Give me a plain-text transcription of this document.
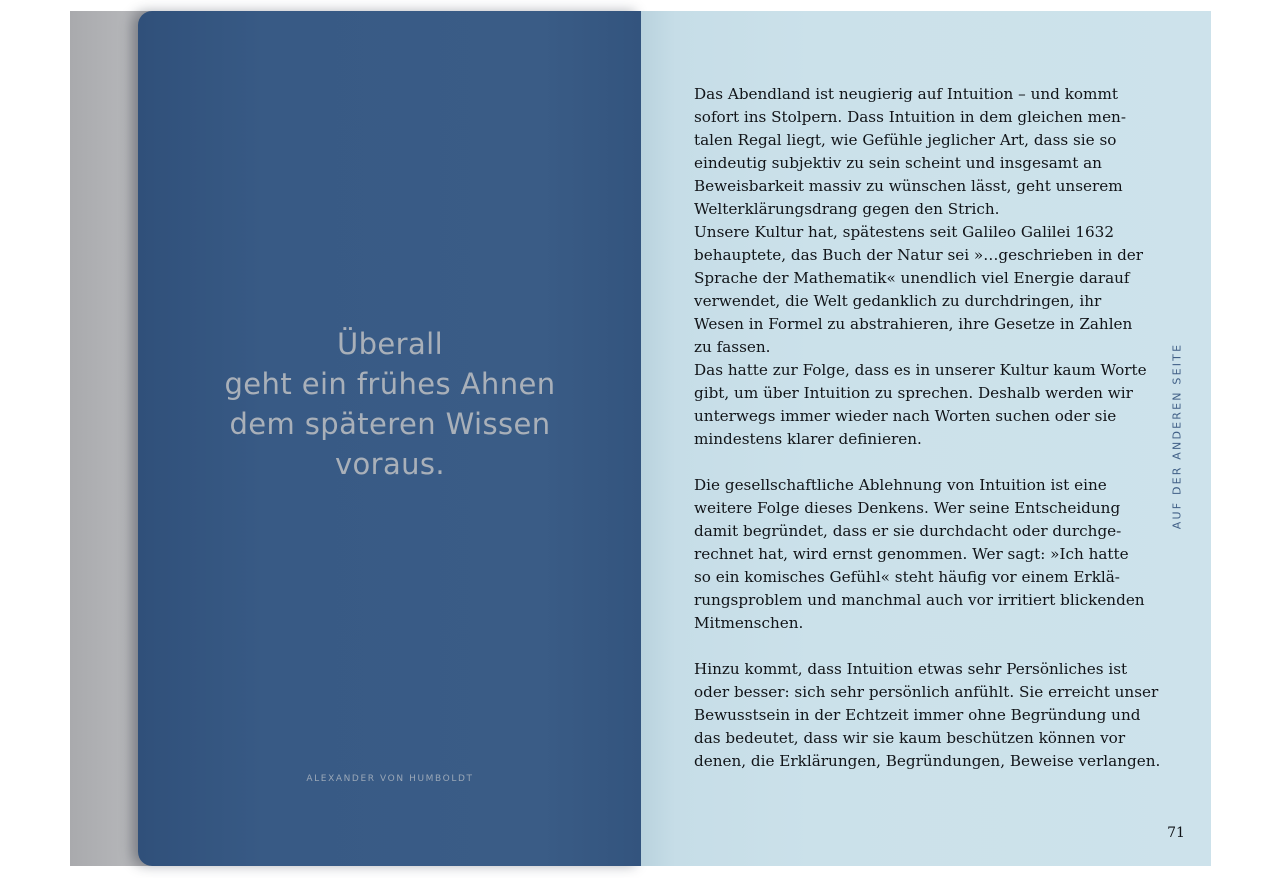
Überall
geht ein frühes Ahnen
dem späteren Wissen
voraus.
ALEXANDER VON HUMBOLDT
Das Abendland ist neugierig auf Intuition – und kommt
sofort ins Stolpern. Dass Intuition in dem gleichen men-
talen Regal liegt, wie Gefühle jeglicher Art, dass sie so
eindeutig subjektiv zu sein scheint und insgesamt an
Beweisbarkeit massiv zu wünschen lässt, geht unserem
Welterklärungsdrang gegen den Strich.
Unsere Kultur hat, spätestens seit Galileo Galilei 1632
behauptete, das Buch der Natur sei »…geschrieben in der
Sprache der Mathematik« unendlich viel Energie darauf
verwendet, die Welt gedanklich zu durchdringen, ihr
Wesen in Formel zu abstrahieren, ihre Gesetze in Zahlen
zu fassen.
Das hatte zur Folge, dass es in unserer Kultur kaum Worte
gibt, um über Intuition zu sprechen. Deshalb werden wir
unterwegs immer wieder nach Worten suchen oder sie
mindestens klarer definieren.
Die gesellschaftliche Ablehnung von Intuition ist eine
weitere Folge dieses Denkens. Wer seine Entscheidung
damit begründet, dass er sie durchdacht oder durchge-
rechnet hat, wird ernst genommen. Wer sagt: »Ich hatte
so ein komisches Gefühl« steht häufig vor einem Erklä-
rungsproblem und manchmal auch vor irritiert blickenden
Mitmenschen.
Hinzu kommt, dass Intuition etwas sehr Persönliches ist
oder besser: sich sehr persönlich anfühlt. Sie erreicht unser
Bewusstsein in der Echtzeit immer ohne Begründung und
das bedeutet, dass wir sie kaum beschützen können vor
denen, die Erklärungen, Begründungen, Beweise verlangen.
AUF DER ANDEREN SEITE
71
